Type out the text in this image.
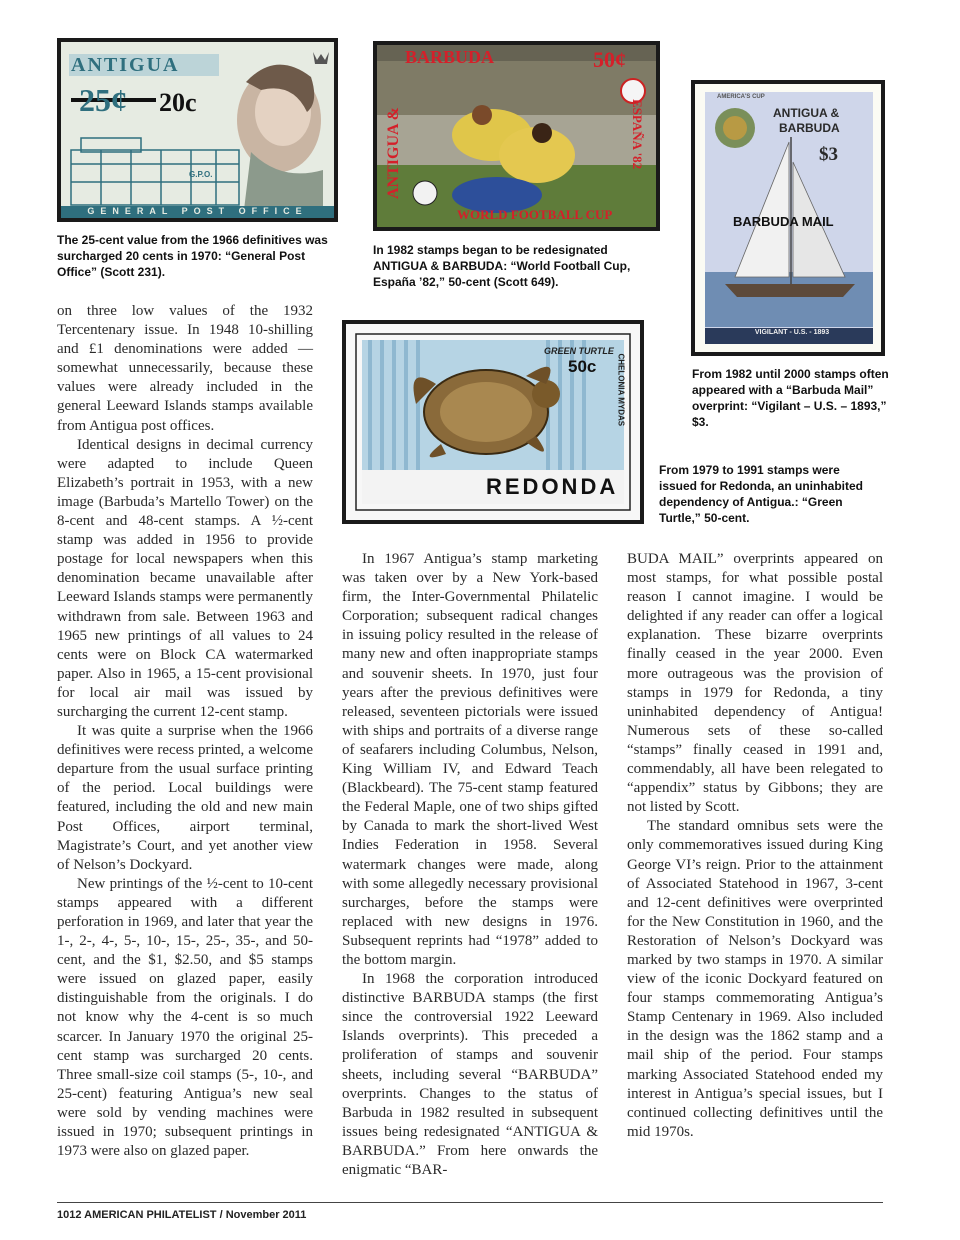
ANTIGUA
25¢ 20c
G.P.O.
GENERAL POST OFFICE
The 25-cent value from the 1966 definitives was surcharged 20 cents in 1970: “General Post Office” (Scott 231).
BARBUDA
ANTIGUA &
50¢
ESPAÑA '82
WORLD FOOTBALL CUP
In 1982 stamps began to be redesignated ANTIGUA & BARBUDA: “World Football Cup, España ’82,” 50-cent (Scott 649).
AMERICA'S CUP
ANTIGUA &
BARBUDA
$3
BARBUDA MAIL
VIGILANT - U.S. - 1893
From 1982 until 2000 stamps often appeared with a “Barbuda Mail” overprint: “Vigilant – U.S. – 1893,” $3.
GREEN TURTLE
50c	CHELONIA MYDAS
REDONDA
From 1979 to 1991 stamps were issued for Redonda, an uninhabited dependency of Antigua.: “Green Turtle,” 50-cent.

on three low values of the 1932 Tercentenary issue. In 1948 10-shilling and £1 denominations were added — somewhat unnecessarily, because these values were already included in the general Leeward Islands stamps available from Antigua post offices.

Identical designs in decimal currency were adapted to include Queen Elizabeth’s portrait in 1953, with a new image (Barbuda’s Martello Tower) on the 8-cent and 48-cent stamps. A ½-cent stamp was added in 1956 to provide postage for local newspapers when this denomination became unavailable after Leeward Islands stamps were permanently withdrawn from sale. Between 1963 and 1965 new printings of all values to 24 cents were on Block CA watermarked paper. Also in 1965, a 15-cent provisional for local air mail was issued by surcharging the current 12-cent stamp.

It was quite a surprise when the 1966 definitives were recess printed, a welcome departure from the usual surface printing of the period. Local buildings were featured, including the old and new main Post Offices, airport terminal, Magistrate’s Court, and yet another view of Nelson’s Dockyard.

New printings of the ½-cent to 10-cent stamps appeared with a different perforation in 1969, and later that year the 1-, 2-, 4-, 5-, 10-, 15-, 25-, 35-, and 50-cent, and the $1, $2.50, and $5 stamps were issued on glazed paper, easily distinguishable from the originals. I do not know why the 4-cent is so much scarcer. In January 1970 the original 25-cent stamp was surcharged 20 cents. Three small-size coil stamps (5-, 10-, and 25-cent) featuring Antigua’s new seal were sold by vending machines were issued in 1970; subsequent printings in 1973 were also on glazed paper.

In 1967 Antigua’s stamp marketing was taken over by a New York-based firm, the Inter-Governmental Philatelic Corporation; subsequent radical changes in issuing policy resulted in the release of many new and often inappropriate stamps and souvenir sheets. In 1970, just four years after the previous definitives were released, seventeen pictorials were issued with ships and portraits of a diverse range of seafarers including Columbus, Nelson, King William IV, and Edward Teach (Blackbeard). The 75-cent stamp featured the Federal Maple, one of two ships gifted by Canada to mark the short-lived West Indies Federation in 1958. Several watermark changes were made, along with some allegedly necessary provisional surcharges, before the stamps were replaced with new designs in 1976. Subsequent reprints had “1978” added to the bottom margin.

In 1968 the corporation introduced distinctive BARBUDA stamps (the first since the controversial 1922 Leeward Islands overprints). This preceded a proliferation of stamps and souvenir sheets, including several “BARBUDA” overprints. Changes to the status of Barbuda in 1982 resulted in subsequent issues being redesignated “ANTIGUA & BARBUDA.” From here onwards the enigmatic “BAR-

BUDA MAIL” overprints appeared on most stamps, for what possible postal reason I cannot imagine. I would be delighted if any reader can offer a logical explanation. These bizarre overprints finally ceased in the year 2000. Even more outrageous was the provision of stamps in 1979 for Redonda, a tiny uninhabited dependency of Antigua! Numerous sets of these so-called “stamps” finally ceased in 1991 and, commendably, all have been relegated to “appendix” status by Gibbons; they are not listed by Scott.

The standard omnibus sets were the only commemoratives issued during King George VI’s reign. Prior to the attainment of Associated Statehood in 1967, 3-cent and 12-cent definitives were overprinted for the New Constitution in 1960, and the Restoration of Nelson’s Dockyard was marked by two stamps in 1970. A similar view of the iconic Dockyard featured on four stamps commemorating Antigua’s Stamp Centenary in 1969. Also included in the design was the 1862 stamp and a mail ship of the period. Four stamps marking Associated Statehood ended my interest in Antigua’s special issues, but I continued collecting definitives until the mid 1970s.

1012 AMERICAN PHILATELIST / November 2011
